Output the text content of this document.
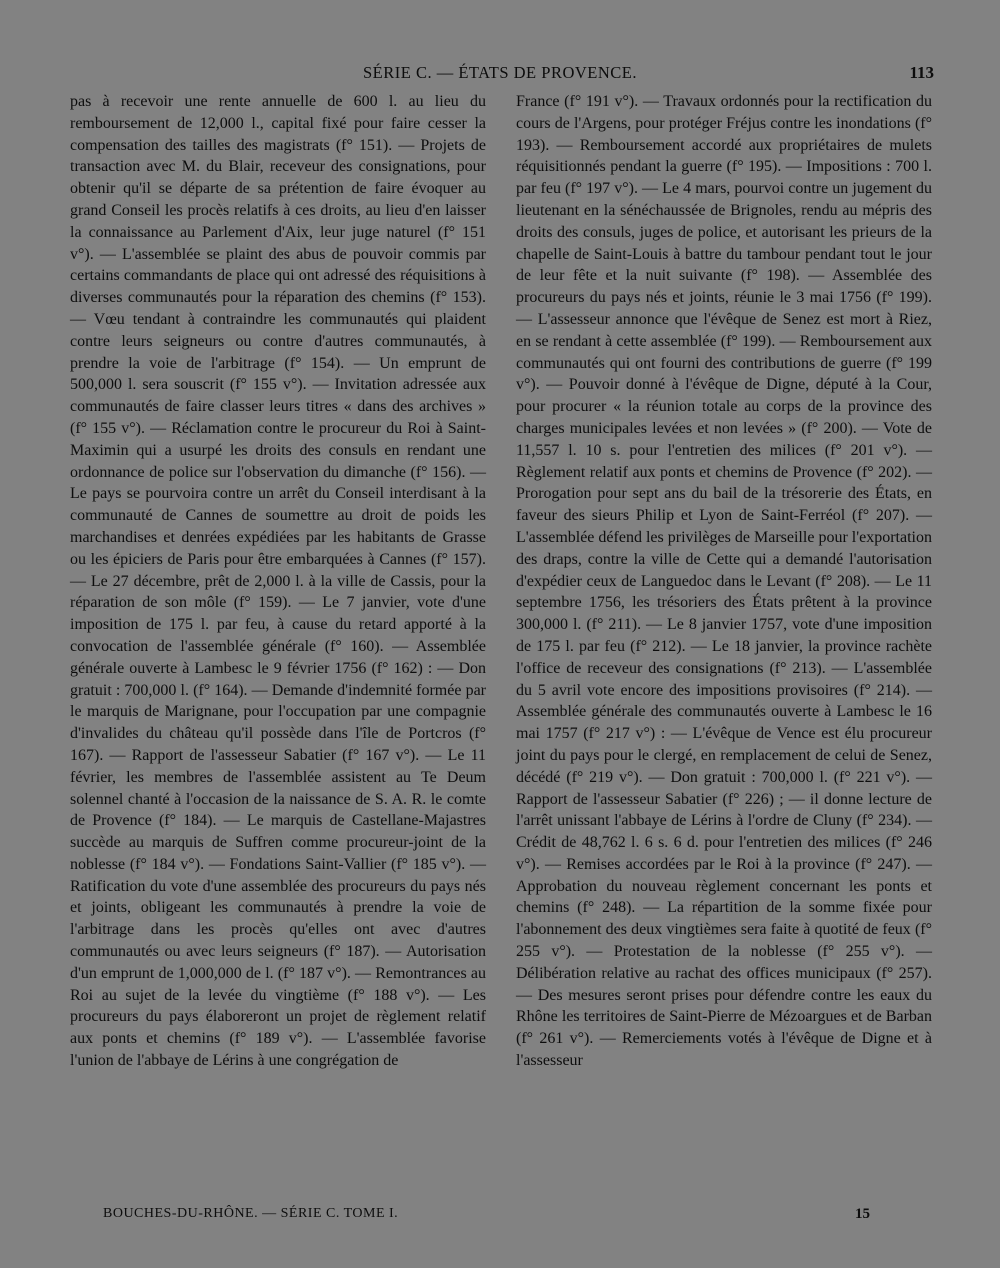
SÉRIE C. — ÉTATS DE PROVENCE.	113

pas à recevoir une rente annuelle de 600 l. au lieu du remboursement de 12,000 l., capital fixé pour faire cesser la compensation des tailles des magistrats (f° 151). — Projets de transaction avec M. du Blair, receveur des consignations, pour obtenir qu'il se départe de sa prétention de faire évoquer au grand Conseil les procès relatifs à ces droits, au lieu d'en laisser la connaissance au Parlement d'Aix, leur juge naturel (f° 151 v°). — L'assemblée se plaint des abus de pouvoir commis par certains commandants de place qui ont adressé des réquisitions à diverses communautés pour la réparation des chemins (f° 153). — Vœu tendant à contraindre les communautés qui plaident contre leurs seigneurs ou contre d'autres communautés, à prendre la voie de l'arbitrage (f° 154). — Un emprunt de 500,000 l. sera souscrit (f° 155 v°). — Invitation adressée aux communautés de faire classer leurs titres « dans des archives » (f° 155 v°). — Réclamation contre le procureur du Roi à Saint-Maximin qui a usurpé les droits des consuls en rendant une ordonnance de police sur l'observation du dimanche (f° 156). — Le pays se pourvoira contre un arrêt du Conseil interdisant à la communauté de Cannes de soumettre au droit de poids les marchandises et denrées expédiées par les habitants de Grasse ou les épiciers de Paris pour être embarquées à Cannes (f° 157). — Le 27 décembre, prêt de 2,000 l. à la ville de Cassis, pour la réparation de son môle (f° 159). — Le 7 janvier, vote d'une imposition de 175 l. par feu, à cause du retard apporté à la convocation de l'assemblée générale (f° 160). — Assemblée générale ouverte à Lambesc le 9 février 1756 (f° 162) : — Don gratuit : 700,000 l. (f° 164). — Demande d'indemnité formée par le marquis de Marignane, pour l'occupation par une compagnie d'invalides du château qu'il possède dans l'île de Portcros (f° 167). — Rapport de l'assesseur Sabatier (f° 167 v°). — Le 11 février, les membres de l'assemblée assistent au Te Deum solennel chanté à l'occasion de la naissance de S. A. R. le comte de Provence (f° 184). — Le marquis de Castellane-Majastres succède au marquis de Suffren comme procureur-joint de la noblesse (f° 184 v°). — Fondations Saint-Vallier (f° 185 v°). — Ratification du vote d'une assemblée des procureurs du pays nés et joints, obligeant les communautés à prendre la voie de l'arbitrage dans les procès qu'elles ont avec d'autres communautés ou avec leurs seigneurs (f° 187). — Autorisation d'un emprunt de 1,000,000 de l. (f° 187 v°). — Remontrances au Roi au sujet de la levée du vingtième (f° 188 v°). — Les procureurs du pays élaboreront un projet de règlement relatif aux ponts et chemins (f° 189 v°). — L'assemblée favorise l'union de l'abbaye de Lérins à une congrégation de

France (f° 191 v°). — Travaux ordonnés pour la rectification du cours de l'Argens, pour protéger Fréjus contre les inondations (f° 193). — Remboursement accordé aux propriétaires de mulets réquisitionnés pendant la guerre (f° 195). — Impositions : 700 l. par feu (f° 197 v°). — Le 4 mars, pourvoi contre un jugement du lieutenant en la sénéchaussée de Brignoles, rendu au mépris des droits des consuls, juges de police, et autorisant les prieurs de la chapelle de Saint-Louis à battre du tambour pendant tout le jour de leur fête et la nuit suivante (f° 198). — Assemblée des procureurs du pays nés et joints, réunie le 3 mai 1756 (f° 199). — L'assesseur annonce que l'évêque de Senez est mort à Riez, en se rendant à cette assemblée (f° 199). — Remboursement aux communautés qui ont fourni des contributions de guerre (f° 199 v°). — Pouvoir donné à l'évêque de Digne, député à la Cour, pour procurer « la réunion totale au corps de la province des charges municipales levées et non levées » (f° 200). — Vote de 11,557 l. 10 s. pour l'entretien des milices (f° 201 v°). — Règlement relatif aux ponts et chemins de Provence (f° 202). — Prorogation pour sept ans du bail de la trésorerie des États, en faveur des sieurs Philip et Lyon de Saint-Ferréol (f° 207). — L'assemblée défend les privilèges de Marseille pour l'exportation des draps, contre la ville de Cette qui a demandé l'autorisation d'expédier ceux de Languedoc dans le Levant (f° 208). — Le 11 septembre 1756, les trésoriers des États prêtent à la province 300,000 l. (f° 211). — Le 8 janvier 1757, vote d'une imposition de 175 l. par feu (f° 212). — Le 18 janvier, la province rachète l'office de receveur des consignations (f° 213). — L'assemblée du 5 avril vote encore des impositions provisoires (f° 214). — Assemblée générale des communautés ouverte à Lambesc le 16 mai 1757 (f° 217 v°) : — L'évêque de Vence est élu procureur joint du pays pour le clergé, en remplacement de celui de Senez, décédé (f° 219 v°). — Don gratuit : 700,000 l. (f° 221 v°). — Rapport de l'assesseur Sabatier (f° 226) ; — il donne lecture de l'arrêt unissant l'abbaye de Lérins à l'ordre de Cluny (f° 234). — Crédit de 48,762 l. 6 s. 6 d. pour l'entretien des milices (f° 246 v°). — Remises accordées par le Roi à la province (f° 247). — Approbation du nouveau règlement concernant les ponts et chemins (f° 248). — La répartition de la somme fixée pour l'abonnement des deux vingtièmes sera faite à quotité de feux (f° 255 v°). — Protestation de la noblesse (f° 255 v°). — Délibération relative au rachat des offices municipaux (f° 257). — Des mesures seront prises pour défendre contre les eaux du Rhône les territoires de Saint-Pierre de Mézoargues et de Barban (f° 261 v°). — Remerciements votés à l'évêque de Digne et à l'assesseur

BOUCHES-DU-RHÔNE. — SÉRIE C. TOME I.	15
